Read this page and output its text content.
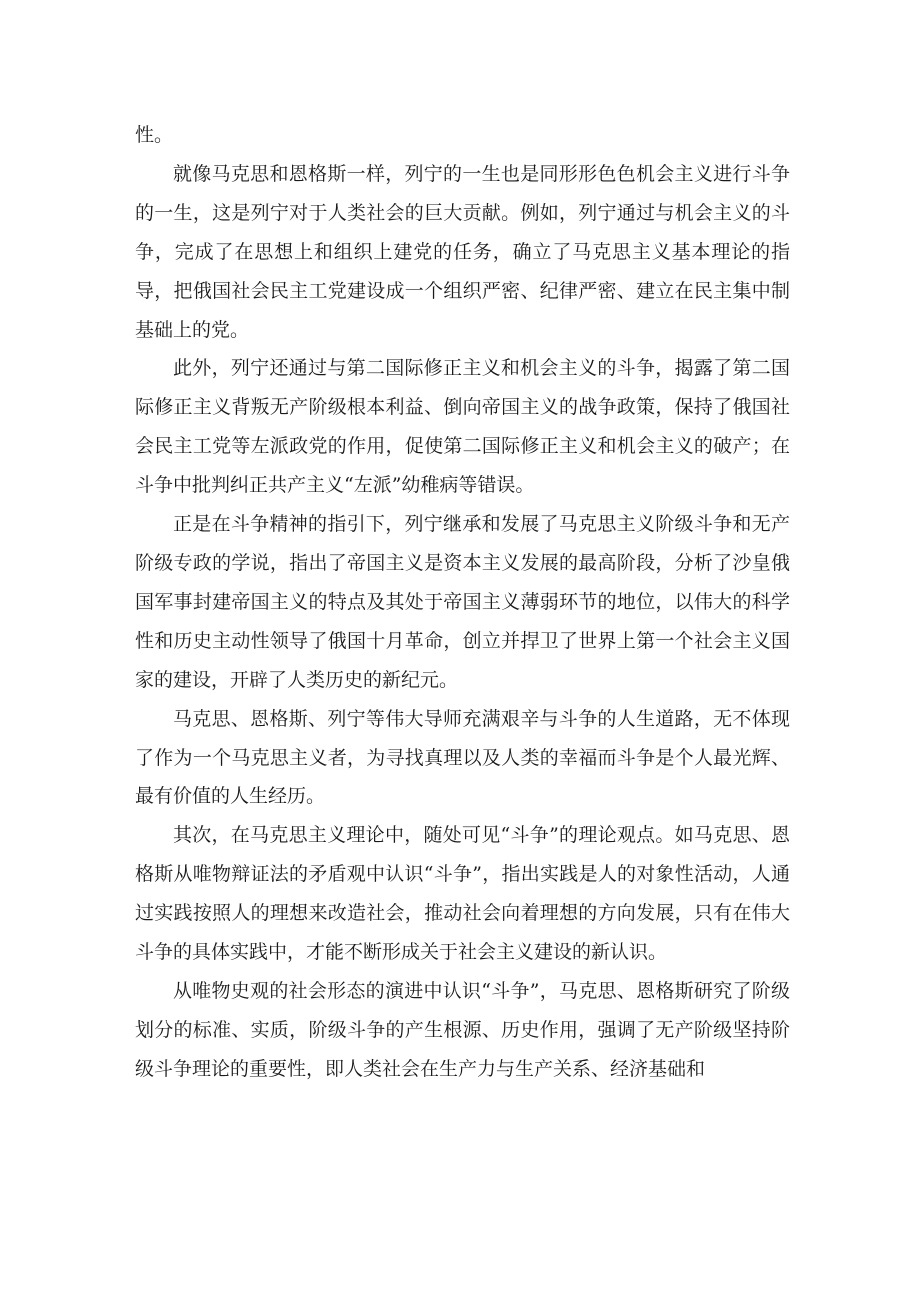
性。

就像马克思和恩格斯一样，列宁的一生也是同形形色色机会主义进行斗争的一生，这是列宁对于人类社会的巨大贡献。例如，列宁通过与机会主义的斗争，完成了在思想上和组织上建党的任务，确立了马克思主义基本理论的指导，把俄国社会民主工党建设成一个组织严密、纪律严密、建立在民主集中制基础上的党。

此外，列宁还通过与第二国际修正主义和机会主义的斗争，揭露了第二国际修正主义背叛无产阶级根本利益、倒向帝国主义的战争政策，保持了俄国社会民主工党等左派政党的作用，促使第二国际修正主义和机会主义的破产；在斗争中批判纠正共产主义“左派”幼稚病等错误。

正是在斗争精神的指引下，列宁继承和发展了马克思主义阶级斗争和无产阶级专政的学说，指出了帝国主义是资本主义发展的最高阶段，分析了沙皇俄国军事封建帝国主义的特点及其处于帝国主义薄弱环节的地位，以伟大的科学性和历史主动性领导了俄国十月革命，创立并捍卫了世界上第一个社会主义国家的建设，开辟了人类历史的新纪元。

马克思、恩格斯、列宁等伟大导师充满艰辛与斗争的人生道路，无不体现了作为一个马克思主义者，为寻找真理以及人类的幸福而斗争是个人最光辉、最有价值的人生经历。

其次，在马克思主义理论中，随处可见“斗争”的理论观点。如马克思、恩格斯从唯物辩证法的矛盾观中认识“斗争”，指出实践是人的对象性活动，人通过实践按照人的理想来改造社会，推动社会向着理想的方向发展，只有在伟大斗争的具体实践中，才能不断形成关于社会主义建设的新认识。

从唯物史观的社会形态的演进中认识“斗争”，马克思、恩格斯研究了阶级划分的标准、实质，阶级斗争的产生根源、历史作用，强调了无产阶级坚持阶级斗争理论的重要性，即人类社会在生产力与生产关系、经济基础和
